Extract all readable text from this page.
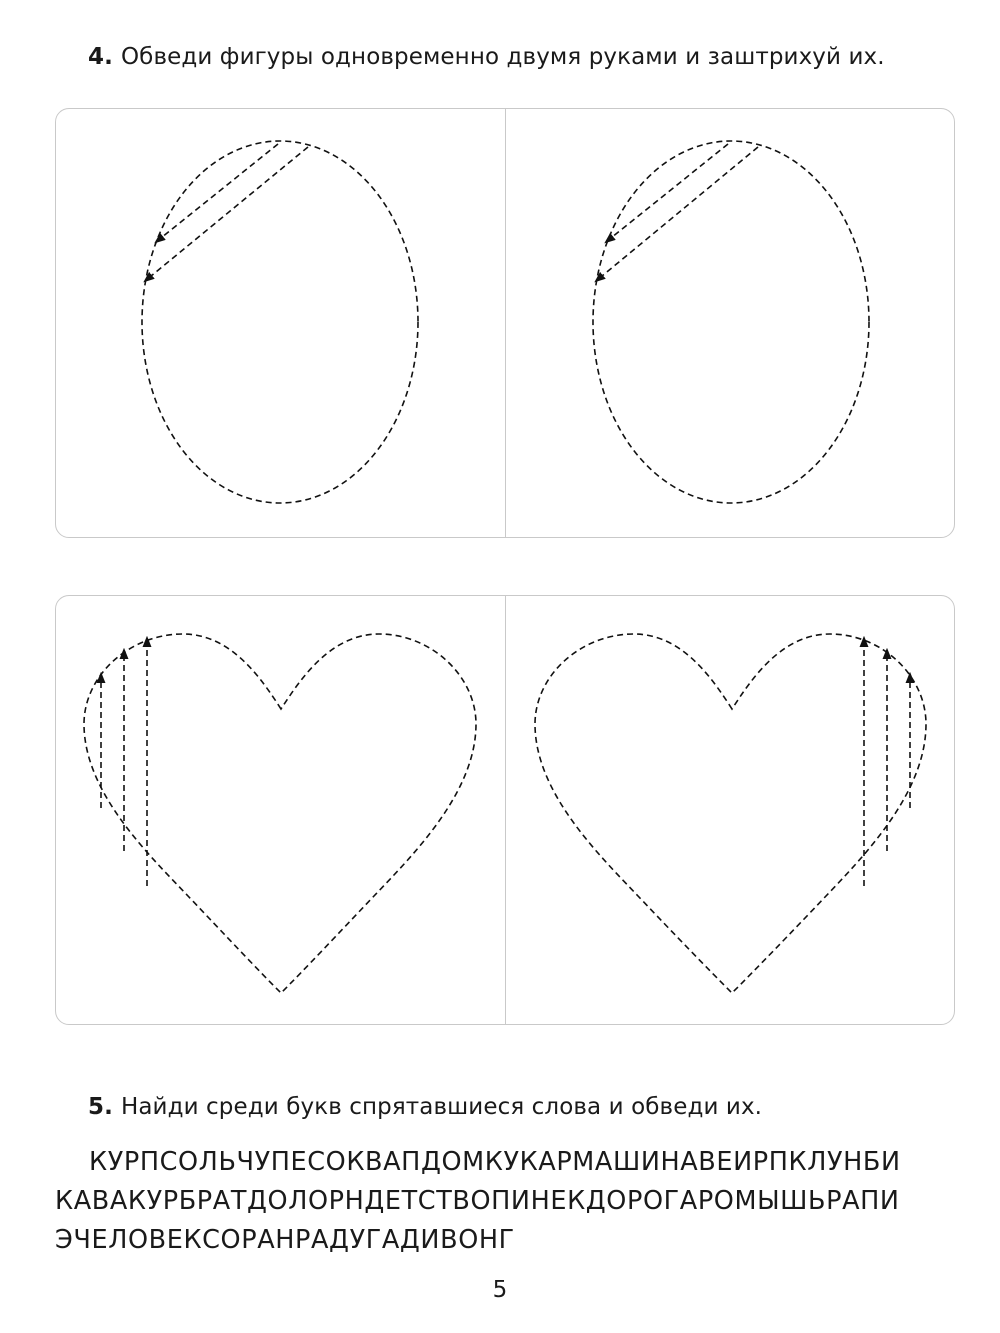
4. Обведи фигуры одновременно двумя руками и заштрихуй их.
5. Найди среди букв спрятавшиеся слова и обведи их.
КУРПСОЛЬЧУПЕСОКВАПДОМКУКАРМАШИНАВЕИРПКЛУНБИ
КАВАКУРБРАТДОЛОРНДЕТСТВОПИНЕКДОРОГАРОМЫШЬРАПИ
ЭЧЕЛОВЕКСОРАНРАДУГАДИВОНГ
5
